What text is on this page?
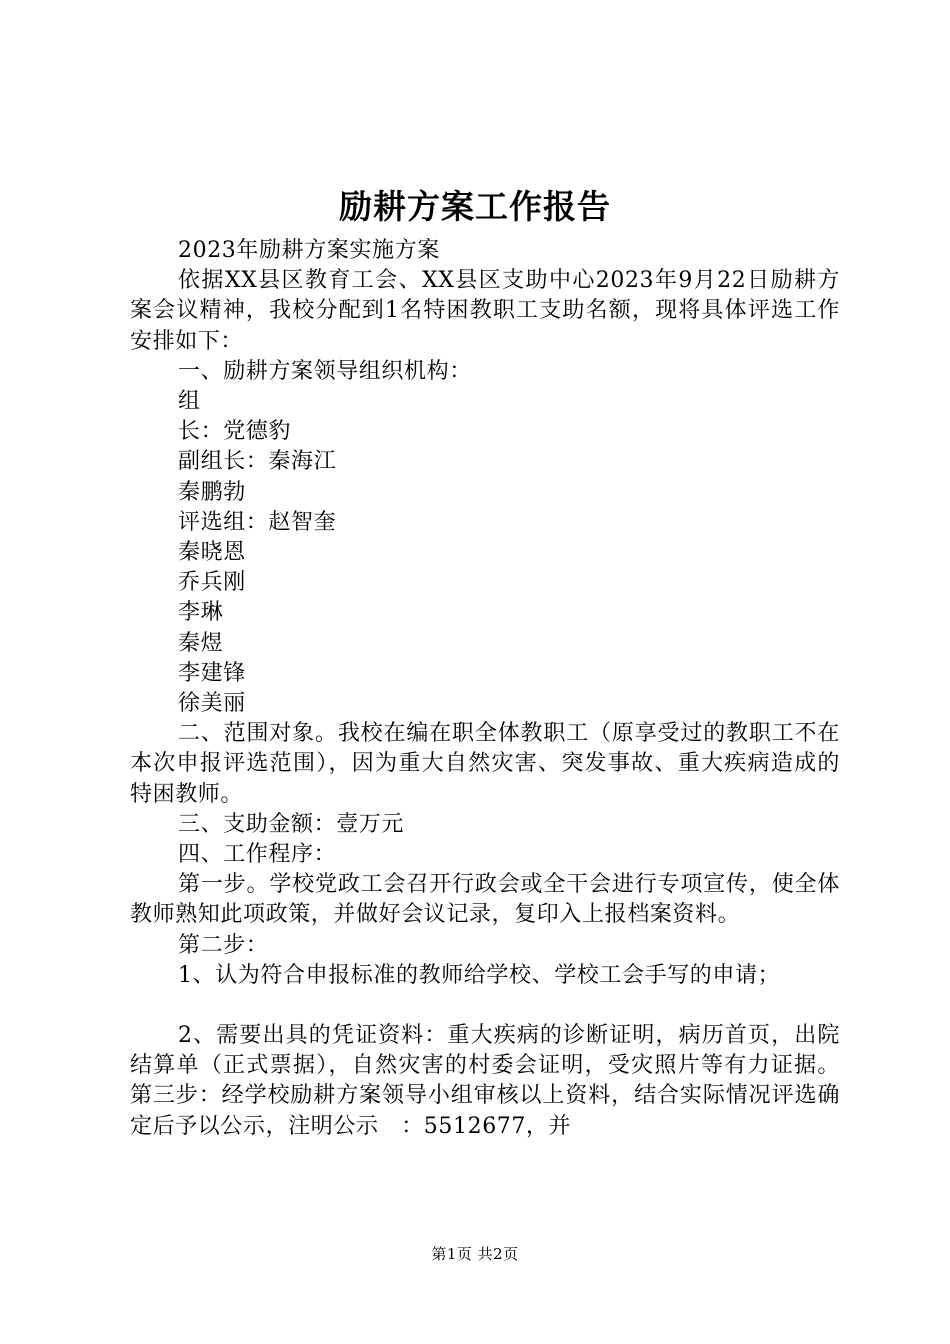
励耕方案工作报告

2023年励耕方案实施方案

依据XX县区教育工会、XX县区支助中心2023年9月22日励耕方案会议精神，我校分配到1名特困教职工支助名额，现将具体评选工作安排如下：

一、励耕方案领导组织机构：

组

长：党德豹

副组长：秦海江

秦鹏勃

评选组：赵智奎

秦晓恩

乔兵刚

李琳

秦煜

李建锋

徐美丽

二、范围对象。我校在编在职全体教职工（原享受过的教职工不在本次申报评选范围），因为重大自然灾害、突发事故、重大疾病造成的特困教师。

三、支助金额：壹万元

四、工作程序：

第一步。学校党政工会召开行政会或全干会进行专项宣传，使全体教师熟知此项政策，并做好会议记录，复印入上报档案资料。

第二步：

1、认为符合申报标准的教师给学校、学校工会手写的申请；

2、需要出具的凭证资料：重大疾病的诊断证明，病历首页，出院结算单（正式票据），自然灾害的村委会证明，受灾照片等有力证据。第三步：经学校励耕方案领导小组审核以上资料，结合实际情况评选确定后予以公示，注明公示　：5512677，并

第1页 共2页
